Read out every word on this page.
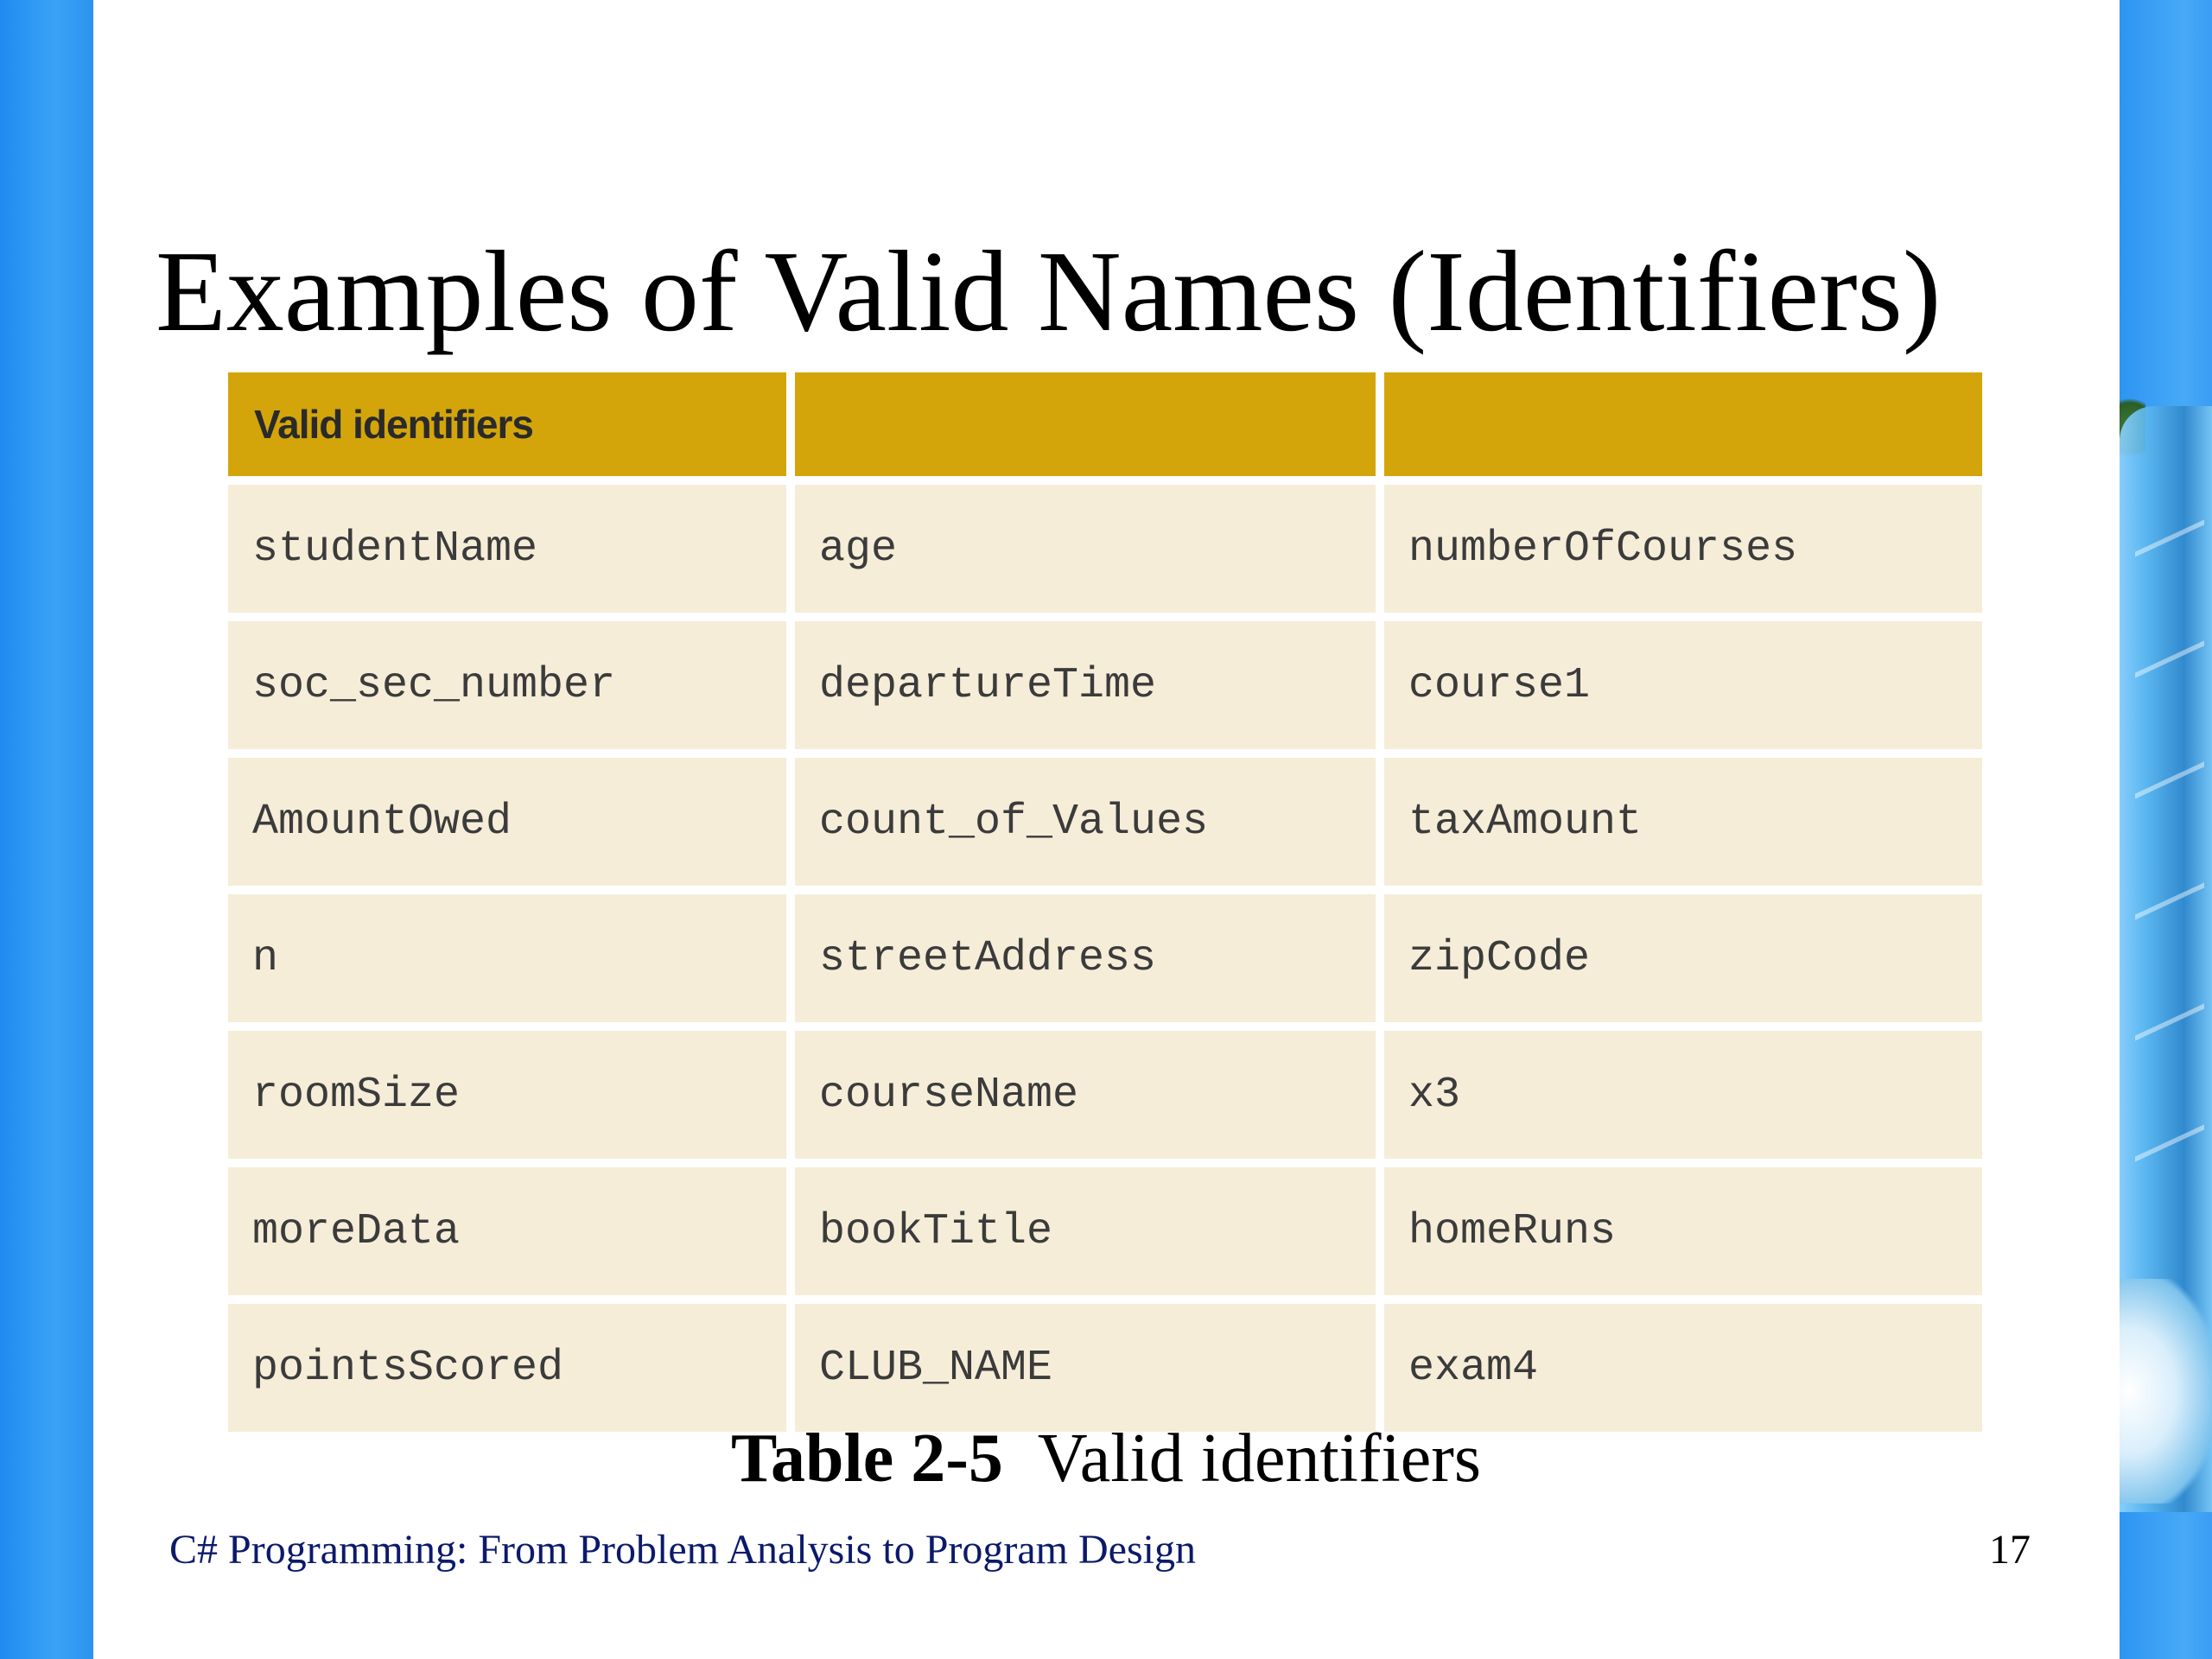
Examples of Valid Names (Identifiers)
Valid identifiers		
studentName	age	numberOfCourses
soc_sec_number	departureTime	course1
AmountOwed	count_of_Values	taxAmount
n	streetAddress	zipCode
roomSize	courseName	x3
moreData	bookTitle	homeRuns
pointsScored	CLUB_NAME	exam4
Table 2-5 Valid identifiers
C# Programming: From Problem Analysis to Program Design	17
